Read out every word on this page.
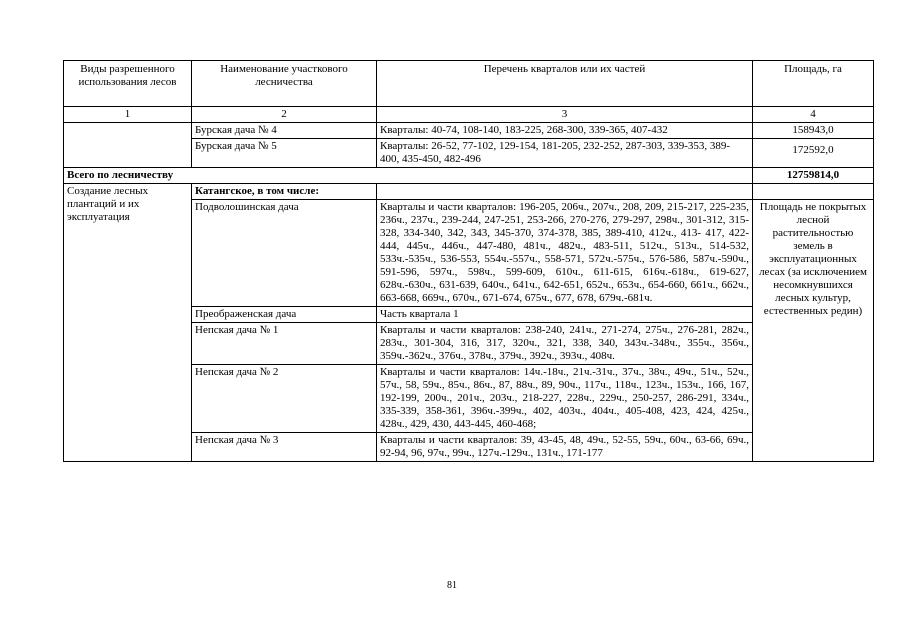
Виды разрешенного использования лесов	Наименование участкового лесничества	Перечень кварталов или их частей	Площадь, га
1	2	3	4
	Бурская дача № 4	Кварталы: 40-74, 108-140, 183-225, 268-300, 339-365, 407-432	158943,0
	Бурская дача № 5	Кварталы: 26-52, 77-102, 129-154, 181-205, 232-252, 287-303, 339-353, 389-400, 435-450, 482-496	172592,0
Всего по лесничеству			12759814,0
Создание лесных плантаций и их эксплуатация	Катангское, в том числе:		
	Подволошинская дача	Кварталы и части кварталов: 196-205, 206ч., 207ч., 208, 209, 215-217, 225-235, 236ч., 237ч., 239-244, 247-251, 253-266, 270-276, 279-297, 298ч., 301-312, 315-328, 334-340, 342, 343, 345-370, 374-378, 385, 389-410, 412ч., 413- 417, 422-444, 445ч., 446ч., 447-480, 481ч., 482ч., 483-511, 512ч., 513ч., 514-532, 533ч.-535ч., 536-553, 554ч.-557ч., 558-571, 572ч.-575ч., 576-586, 587ч.-590ч., 591-596, 597ч., 598ч., 599-609, 610ч., 611-615, 616ч.-618ч., 619-627, 628ч.-630ч., 631-639, 640ч., 641ч., 642-651, 652ч., 653ч., 654-660, 661ч., 662ч., 663-668, 669ч., 670ч., 671-674, 675ч., 677, 678, 679ч.-681ч.	Площадь не покрытых лесной растительностью земель в эксплуатационных лесах (за исключением несомкнувшихся лесных культур, естественных редин)
	Преображенская дача	Часть квартала 1	
	Непская дача № 1	Кварталы и части кварталов: 238-240, 241ч., 271-274, 275ч., 276-281, 282ч., 283ч., 301-304, 316, 317, 320ч., 321, 338, 340, 343ч.-348ч., 355ч., 356ч., 359ч.-362ч., 376ч., 378ч., 379ч., 392ч., 393ч., 408ч.	
	Непская дача № 2	Кварталы и части кварталов: 14ч.-18ч., 21ч.-31ч., 37ч., 38ч., 49ч., 51ч., 52ч., 57ч., 58, 59ч., 85ч., 86ч., 87, 88ч., 89, 90ч., 117ч., 118ч., 123ч., 153ч., 166, 167, 192-199, 200ч., 201ч., 203ч., 218-227, 228ч., 229ч., 250-257, 286-291, 334ч., 335-339, 358-361, 396ч.-399ч., 402, 403ч., 404ч., 405-408, 423, 424, 425ч., 428ч., 429, 430, 443-445, 460-468;	
	Непская дача № 3	Кварталы и части кварталов: 39, 43-45, 48, 49ч., 52-55, 59ч., 60ч., 63-66, 69ч., 92-94, 96, 97ч., 99ч., 127ч.-129ч., 131ч., 171-177	
81
